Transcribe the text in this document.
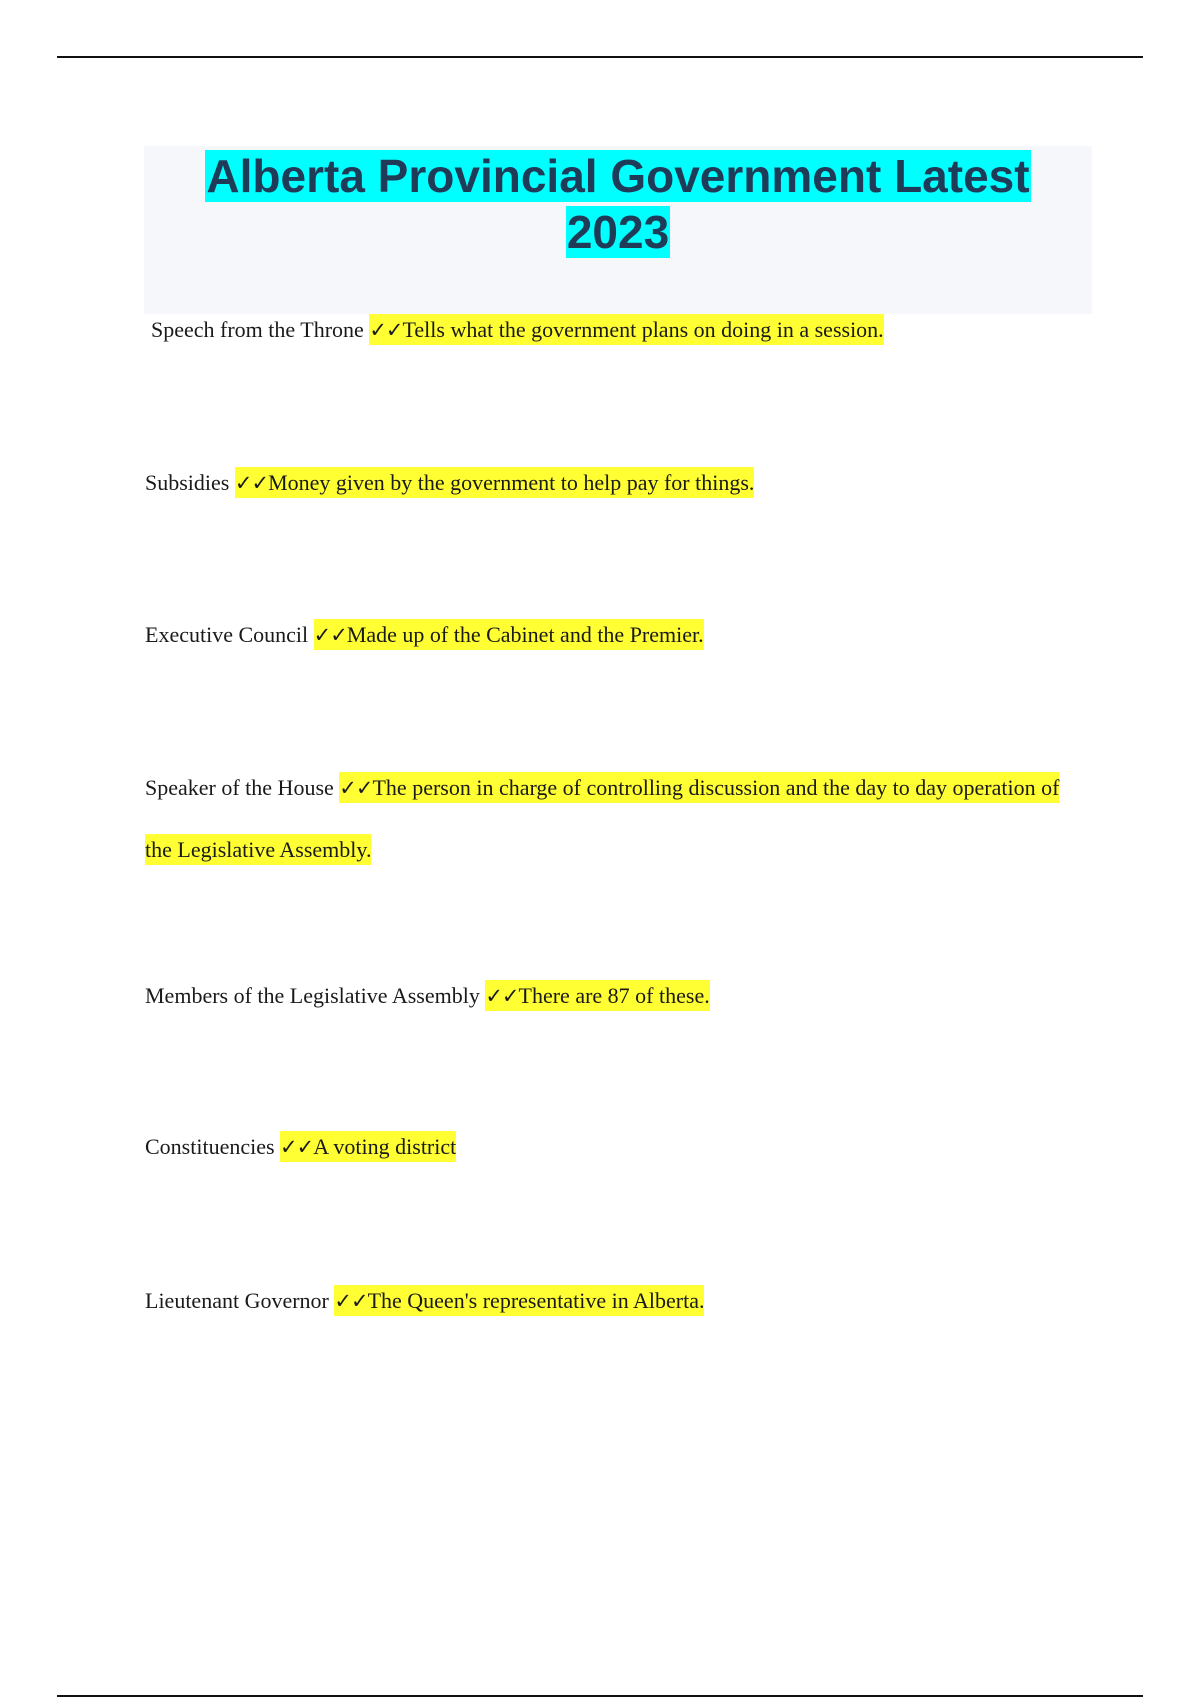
Alberta Provincial Government Latest 2023
Speech from the Throne ✓✓Tells what the government plans on doing in a session.
Subsidies ✓✓Money given by the government to help pay for things.
Executive Council ✓✓Made up of the Cabinet and the Premier.
Speaker of the House ✓✓The person in charge of controlling discussion and the day to day operation of the Legislative Assembly.
Members of the Legislative Assembly ✓✓There are 87 of these.
Constituencies ✓✓A voting district
Lieutenant Governor ✓✓The Queen's representative in Alberta.
